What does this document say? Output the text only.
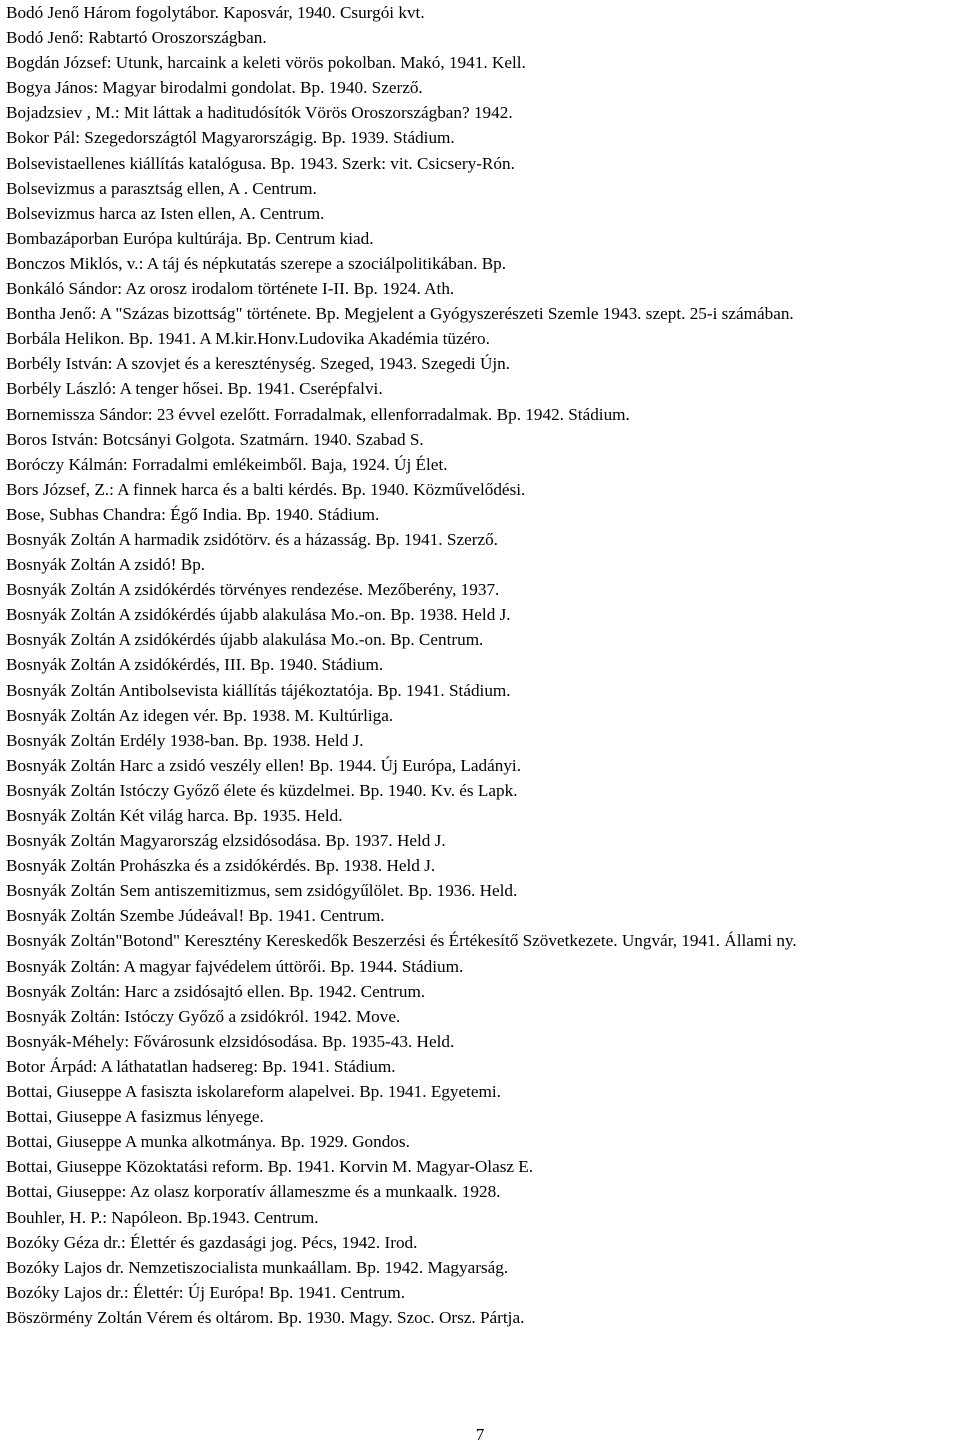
Bodó Jenő Három fogolytábor. Kaposvár, 1940. Csurgói kvt.

Bodó Jenő: Rabtartó Oroszországban.

Bogdán József: Utunk, harcaink a keleti vörös pokolban. Makó, 1941. Kell.

Bogya János: Magyar birodalmi gondolat. Bp. 1940. Szerző.

Bojadzsiev , M.: Mit láttak a haditudósítók Vörös Oroszországban? 1942.

Bokor Pál: Szegedországtól Magyarországig. Bp. 1939. Stádium.

Bolsevistaellenes kiállítás katalógusa. Bp. 1943. Szerk: vit. Csicsery-Rón.

Bolsevizmus a parasztság ellen, A . Centrum.

Bolsevizmus harca az Isten ellen, A. Centrum.

Bombazáporban Európa kultúrája. Bp. Centrum kiad.

Bonczos Miklós, v.: A táj és népkutatás szerepe a szociálpolitikában. Bp.

Bonkáló Sándor: Az orosz irodalom története I-II. Bp. 1924. Ath.

Bontha Jenő: A "Százas bizottság" története. Bp. Megjelent a Gyógyszerészeti Szemle 1943. szept. 25-i számában.

Borbála Helikon. Bp. 1941. A M.kir.Honv.Ludovika Akadémia tüzéro.

Borbély István: A szovjet és a kereszténység. Szeged, 1943. Szegedi Újn.

Borbély László: A tenger hősei. Bp. 1941. Cserépfalvi.

Bornemissza Sándor: 23 évvel ezelőtt. Forradalmak, ellenforradalmak. Bp. 1942. Stádium.

Boros István: Botcsányi Golgota. Szatmárn. 1940. Szabad S.

Boróczy Kálmán: Forradalmi emlékeimből. Baja, 1924. Új Élet.

Bors József, Z.: A finnek harca és a balti kérdés. Bp. 1940. Közművelődési.

Bose, Subhas Chandra: Égő India. Bp. 1940. Stádium.

Bosnyák Zoltán A harmadik zsidótörv. és a házasság. Bp. 1941. Szerző.

Bosnyák Zoltán A zsidó! Bp.

Bosnyák Zoltán A zsidókérdés törvényes rendezése. Mezőberény, 1937.

Bosnyák Zoltán A zsidókérdés újabb alakulása Mo.-on. Bp. 1938. Held J.

Bosnyák Zoltán A zsidókérdés újabb alakulása Mo.-on. Bp. Centrum.

Bosnyák Zoltán A zsidókérdés, III. Bp. 1940. Stádium.

Bosnyák Zoltán Antibolsevista kiállítás tájékoztatója. Bp. 1941. Stádium.

Bosnyák Zoltán Az idegen vér. Bp. 1938. M. Kultúrliga.

Bosnyák Zoltán Erdély 1938-ban. Bp. 1938. Held J.

Bosnyák Zoltán Harc a zsidó veszély ellen! Bp. 1944. Új Európa, Ladányi.

Bosnyák Zoltán Istóczy Győző élete és küzdelmei. Bp. 1940. Kv. és Lapk.

Bosnyák Zoltán Két világ harca. Bp. 1935. Held.

Bosnyák Zoltán Magyarország elzsidósodása. Bp. 1937. Held J.

Bosnyák Zoltán Prohászka és a zsidókérdés. Bp. 1938. Held J.

Bosnyák Zoltán Sem antiszemitizmus, sem zsidógyűlölet. Bp. 1936. Held.

Bosnyák Zoltán Szembe Júdeával! Bp. 1941. Centrum.

Bosnyák Zoltán"Botond" Keresztény Kereskedők Beszerzési és Értékesítő Szövetkezete. Ungvár, 1941. Állami ny.

Bosnyák Zoltán: A magyar fajvédelem úttörői. Bp. 1944. Stádium.

Bosnyák Zoltán: Harc a zsidósajtó ellen. Bp. 1942. Centrum.

Bosnyák Zoltán: Istóczy Győző a zsidókról. 1942. Move.

Bosnyák-Méhely: Fővárosunk elzsidósodása. Bp. 1935-43. Held.

Botor Árpád: A láthatatlan hadsereg: Bp. 1941. Stádium.

Bottai, Giuseppe A fasiszta iskolareform alapelvei. Bp. 1941. Egyetemi.

Bottai, Giuseppe A fasizmus lényege.

Bottai, Giuseppe A munka alkotmánya. Bp. 1929. Gondos.

Bottai, Giuseppe Közoktatási reform. Bp. 1941. Korvin M. Magyar-Olasz E.

Bottai, Giuseppe: Az olasz korporatív állameszme és a munkaalk. 1928.

Bouhler, H. P.: Napóleon. Bp.1943. Centrum.

Bozóky Géza dr.: Élettér és gazdasági jog. Pécs, 1942. Irod.

Bozóky Lajos dr. Nemzetiszocialista munkaállam. Bp. 1942. Magyarság.

Bozóky Lajos dr.: Élettér: Új Európa! Bp. 1941. Centrum.

Böszörmény Zoltán Vérem és oltárom. Bp. 1930. Magy. Szoc. Orsz. Pártja.

7
